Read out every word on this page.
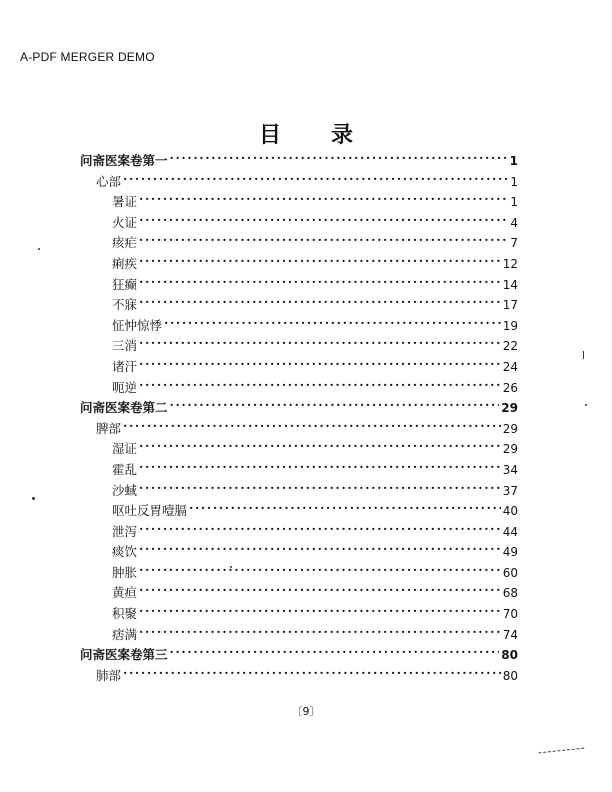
A-PDF MERGER DEMO
目 录
问斋医案卷第一 ·····	1
心部 ·····	1
暑证 ·····	1
火证 ·····	4
痎疟 ·····	7
痢疾 ·····	12
狂癫 ·····	14
不寐 ·····	17
怔忡惊悸 ·····	19
三消 ·····	22
诸汗 ·····	24
呃逆 ·····	26
问斋医案卷第二 ·····	29
脾部 ·····	29
湿证 ·····	29
霍乱 ·····	34
沙蜮 ·····	37
呕吐反胃噎膈 ·····	40
泄泻 ·····	44
痰饮 ·····	49
肿胀 ·····	60
黄疸 ·····	68
积聚 ·····	70
痞满 ·····	74
问斋医案卷第三 ·····	80
肺部 ·····	80
〔9〕
